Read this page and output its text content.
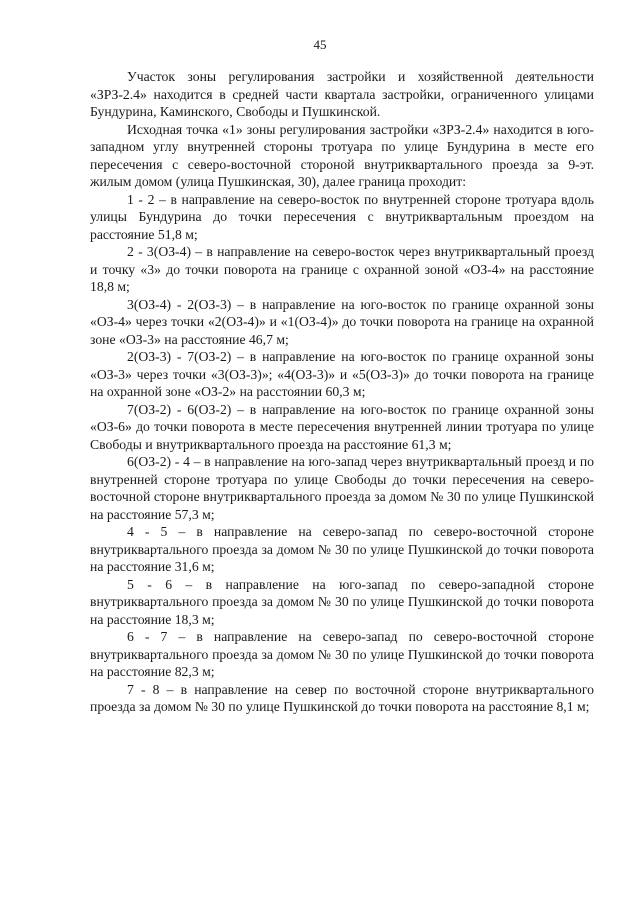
45

Участок зоны регулирования застройки и хозяйственной деятельности «ЗРЗ-2.4» находится в средней части квартала застройки, ограниченного улицами Бундурина, Каминского, Свободы и Пушкинской.

Исходная точка «1» зоны регулирования застройки «ЗРЗ-2.4» находится в юго-западном углу внутренней стороны тротуара по улице Бундурина в месте его пересечения с северо-восточной стороной внутриквартального проезда за 9-эт. жилым домом (улица Пушкинская, 30), далее граница проходит:

1 - 2 – в направление на северо-восток по внутренней стороне тротуара вдоль улицы Бундурина до точки пересечения с внутриквартальным проездом на расстояние 51,8 м;

2 - 3(ОЗ-4) – в направление на северо-восток через внутриквартальный проезд и точку «3» до точки поворота на границе с охранной зоной «ОЗ-4» на расстояние 18,8 м;

3(ОЗ-4) - 2(ОЗ-3) – в направление на юго-восток по границе охранной зоны «ОЗ-4» через точки «2(ОЗ-4)» и «1(ОЗ-4)» до точки поворота на границе на охранной зоне «ОЗ-3» на расстояние 46,7 м;

2(ОЗ-3) - 7(ОЗ-2) – в направление на юго-восток по границе охранной зоны «ОЗ-3» через точки «3(ОЗ-3)»; «4(ОЗ-3)» и «5(ОЗ-3)» до точки поворота на границе на охранной зоне «ОЗ-2» на расстоянии 60,3 м;

7(ОЗ-2) - 6(ОЗ-2) – в направление на юго-восток по границе охранной зоны «ОЗ-6» до точки поворота в месте пересечения внутренней линии тротуара по улице Свободы и внутриквартального проезда на расстояние 61,3 м;

6(ОЗ-2) - 4 – в направление на юго-запад через внутриквартальный проезд и по внутренней стороне тротуара по улице Свободы до точки пересечения на северо-восточной стороне внутриквартального проезда за домом № 30 по улице Пушкинской на расстояние 57,3 м;

4 - 5 – в направление на северо-запад по северо-восточной стороне внутриквартального проезда за домом № 30 по улице Пушкинской до точки поворота на расстояние 31,6 м;

5 - 6 – в направление на юго-запад по северо-западной стороне внутриквартального проезда за домом № 30 по улице Пушкинской до точки поворота на расстояние 18,3 м;

6 - 7 – в направление на северо-запад по северо-восточной стороне внутриквартального проезда за домом № 30 по улице Пушкинской до точки поворота на расстояние 82,3 м;

7 - 8 – в направление на север по восточной стороне внутриквартального проезда за домом № 30 по улице Пушкинской до точки поворота на расстояние 8,1 м;
